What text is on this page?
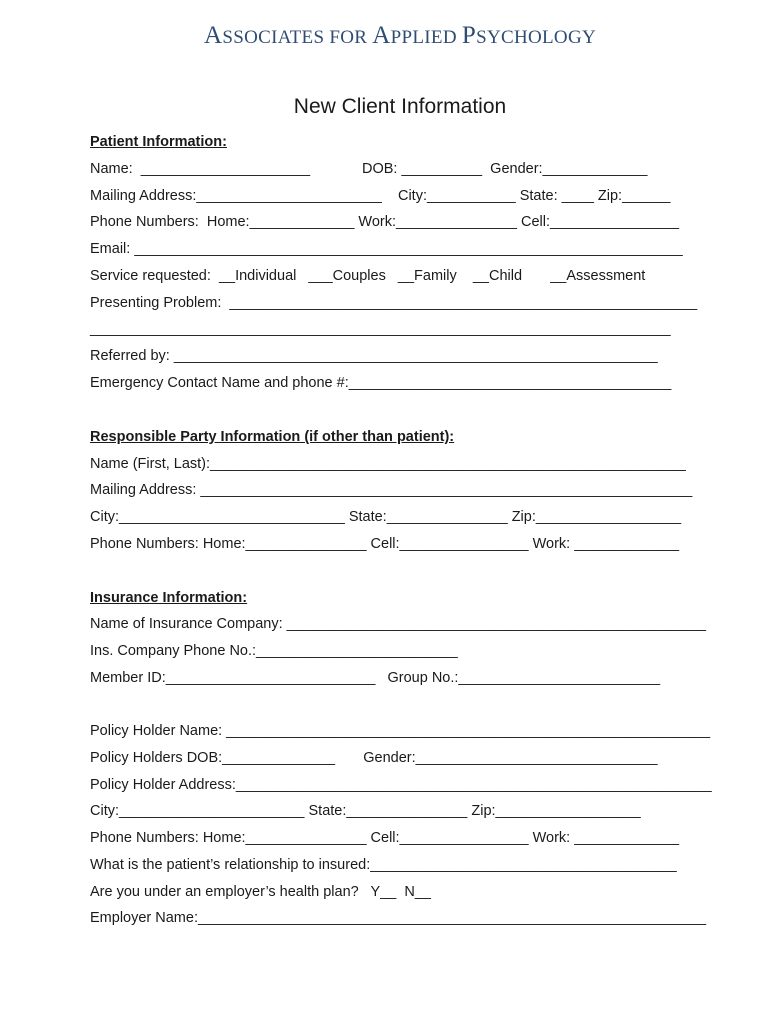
ASSOCIATES FOR APPLIED PSYCHOLOGY
New Client Information
Patient Information:
Name:  _____________________	DOB: __________  Gender:_____________
Mailing Address:_______________________    City:___________ State: ____ Zip:______
Phone Numbers:  Home:_____________ Work:_______________ Cell:________________
Email: ____________________________________________________________________
Service requested:  __Individual   ___Couples   __Family    __Child       __Assessment
Presenting Problem:  __________________________________________________________
________________________________________________________________________
Referred by: ____________________________________________________________
Emergency Contact Name and phone #:________________________________________
Responsible Party Information (if other than patient):
Name (First, Last):___________________________________________________________
Mailing Address: _____________________________________________________________
City:____________________________ State:_______________ Zip:__________________
Phone Numbers: Home:_______________ Cell:________________ Work: _____________
Insurance Information:
Name of Insurance Company: ____________________________________________________
Ins. Company Phone No.:_________________________
Member ID:__________________________   Group No.:_________________________
Policy Holder Name: ____________________________________________________________
Policy Holders DOB:______________       Gender:______________________________
Policy Holder Address:___________________________________________________________
City:_______________________ State:_______________ Zip:__________________
Phone Numbers: Home:_______________ Cell:________________ Work: _____________
What is the patient’s relationship to insured:______________________________________
Are you under an employer’s health plan?   Y__  N__
Employer Name:_______________________________________________________________
